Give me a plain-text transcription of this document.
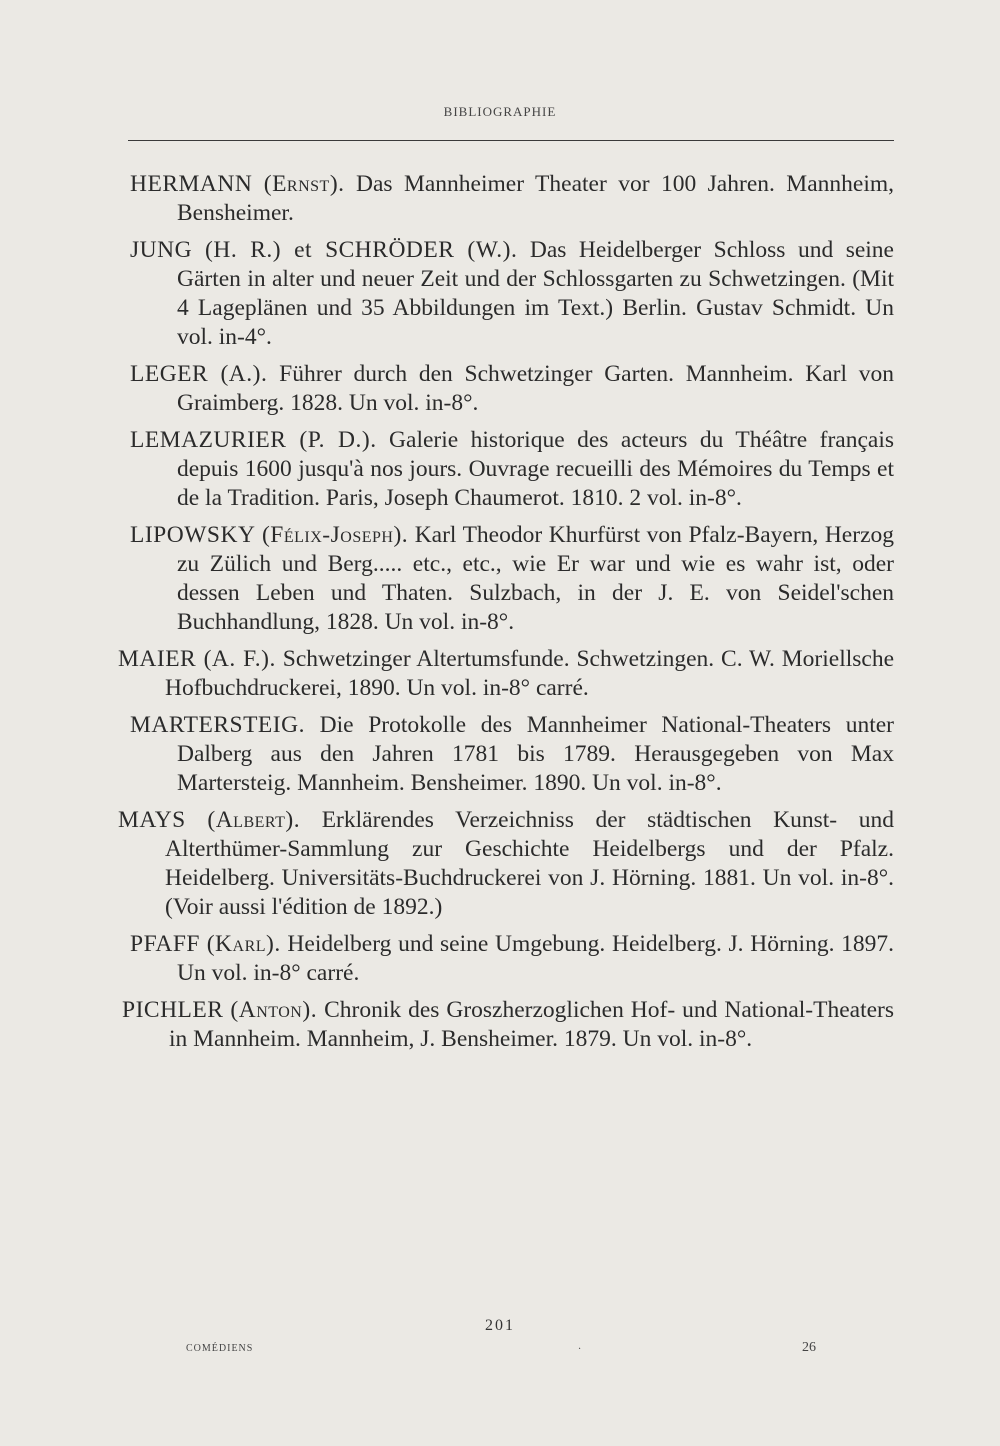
BIBLIOGRAPHIE
HERMANN (Ernst). Das Mannheimer Theater vor 100 Jahren. Mannheim, Bensheimer.
JUNG (H. R.) et SCHRÖDER (W.). Das Heidelberger Schloss und seine Gärten in alter und neuer Zeit und der Schlossgarten zu Schwetzingen. (Mit 4 Lageplänen und 35 Abbildungen im Text.) Berlin. Gustav Schmidt. Un vol. in-4°.
LEGER (A.). Führer durch den Schwetzinger Garten. Mannheim. Karl von Graimberg. 1828. Un vol. in-8°.
LEMAZURIER (P. D.). Galerie historique des acteurs du Théâtre français depuis 1600 jusqu'à nos jours. Ouvrage recueilli des Mémoires du Temps et de la Tradition. Paris, Joseph Chaumerot. 1810. 2 vol. in-8°.
LIPOWSKY (Félix-Joseph). Karl Theodor Khurfürst von Pfalz-Bayern, Herzog zu Zülich und Berg..... etc., etc., wie Er war und wie es wahr ist, oder dessen Leben und Thaten. Sulzbach, in der J. E. von Seidel'schen Buchhandlung, 1828. Un vol. in-8°.
MAIER (A. F.). Schwetzinger Altertumsfunde. Schwetzingen. C. W. Moriellsche Hofbuchdruckerei, 1890. Un vol. in-8° carré.
MARTERSTEIG. Die Protokolle des Mannheimer National-Theaters unter Dalberg aus den Jahren 1781 bis 1789. Herausgegeben von Max Martersteig. Mannheim. Bensheimer. 1890. Un vol. in-8°.
MAYS (Albert). Erklärendes Verzeichniss der städtischen Kunst- und Alterthümer-Sammlung zur Geschichte Heidelbergs und der Pfalz. Heidelberg. Universitäts-Buchdruckerei von J. Hörning. 1881. Un vol. in-8°. (Voir aussi l'édition de 1892.)
PFAFF (Karl). Heidelberg und seine Umgebung. Heidelberg. J. Hörning. 1897. Un vol. in-8° carré.
PICHLER (Anton). Chronik des Groszherzoglichen Hof- und National-Theaters in Mannheim. Mannheim, J. Bensheimer. 1879. Un vol. in-8°.
201
COMÉDIENS	·	26
